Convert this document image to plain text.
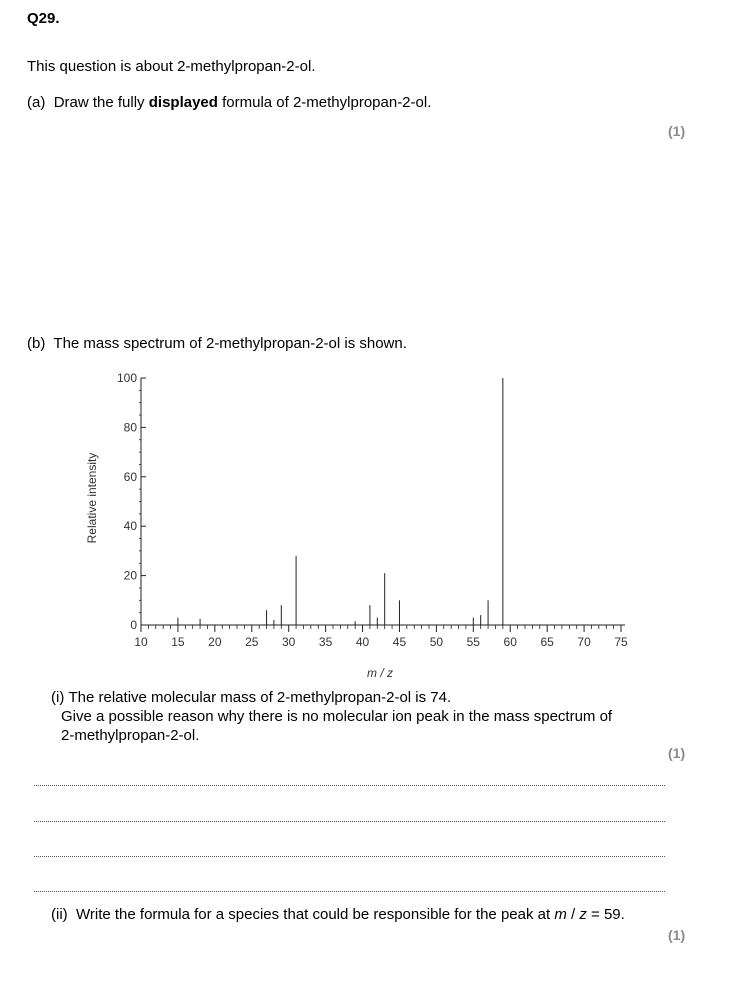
Q29.
This question is about 2-methylpropan-2-ol.
(a) Draw the fully displayed formula of 2-methylpropan-2-ol.
(1)
(b) The mass spectrum of 2-methylpropan-2-ol is shown.
Relative intensity
m / z
0
20
40
60
80
100
10 15 20 25 30 35 40 45 50 55 60 65 70 75
(i) The relative molecular mass of 2-methylpropan-2-ol is 74.
Give a possible reason why there is no molecular ion peak in the mass spectrum of
2-methylpropan-2-ol.
(1)
(ii) Write the formula for a species that could be responsible for the peak at m / z = 59.
(1)
